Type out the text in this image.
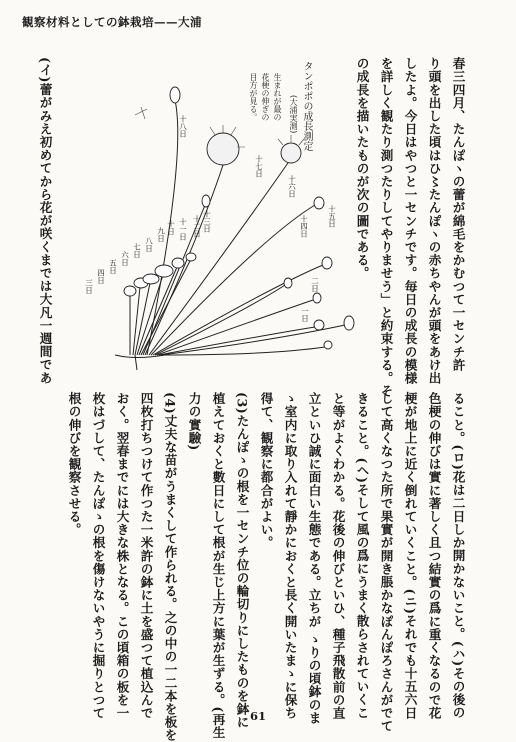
観察材料としての鉢栽培——大浦
春三四月、たんぽヽの蕾が綿毛をかむつて一センチ許
り頭を出した頃はひ〻たんぽヽの赤ちやんが頭をあけ出
したよ。今日はやつと一センチです。毎日の成長の模様
を詳しく観たり測つたりしてやりませう」と約束する。そ
の成長を描いたものが次の圖である。
(イ)蕾がみえ初めてから花が咲くまでは大凡一週間であ	タンポポの成長測定
(大浦実測)
生まれが最の
花梗の伸ぎの
目方が見る。
十八日
十七日
十六日
十五日
十四日
十三日
十二日
十一日
十日
九日
八日
七日
六日
五日
四日
三日	二日
一日
ること。(ロ)花は二日しか開かないこと。(ハ)その後の
色梗の伸びは實に著しく且つ結實の爲に重くなるので花
梗が地上に近く倒れていくこと。(ニ)それでも十五六日
して高くなつた所で果實が開き脹かなぽんぽろさんがでて
きること。(ヘ)そして風の爲にうまく散らされていくこ
と等がよくわかる。花後の伸びといひ、種子飛散前の直
立といひ誠に面白い生態である。立ちが ゝりの頃鉢のま
ゝ室内に取り入れて靜かにおくと長く開いたまゝに保ち
得て、観察に都合がよい。
(3)たんぽゝの根を一センチ位の輪切りにしたものを鉢に
植えておくと數日にして根が生じ上方に葉が生ずる。(再生
力の實驗)
(4)丈夫な苗がうまくして作られる。之の中の一二本を板を
四枚打ちつけて作つた一米許の鉢に土を盛つて植込んで
おく。翌春までには大きな株となる。この頃箱の板を一
枚はづして、たんぽゝの根を傷けないやうに掘りとつて
根の伸びを観察させる。
61
